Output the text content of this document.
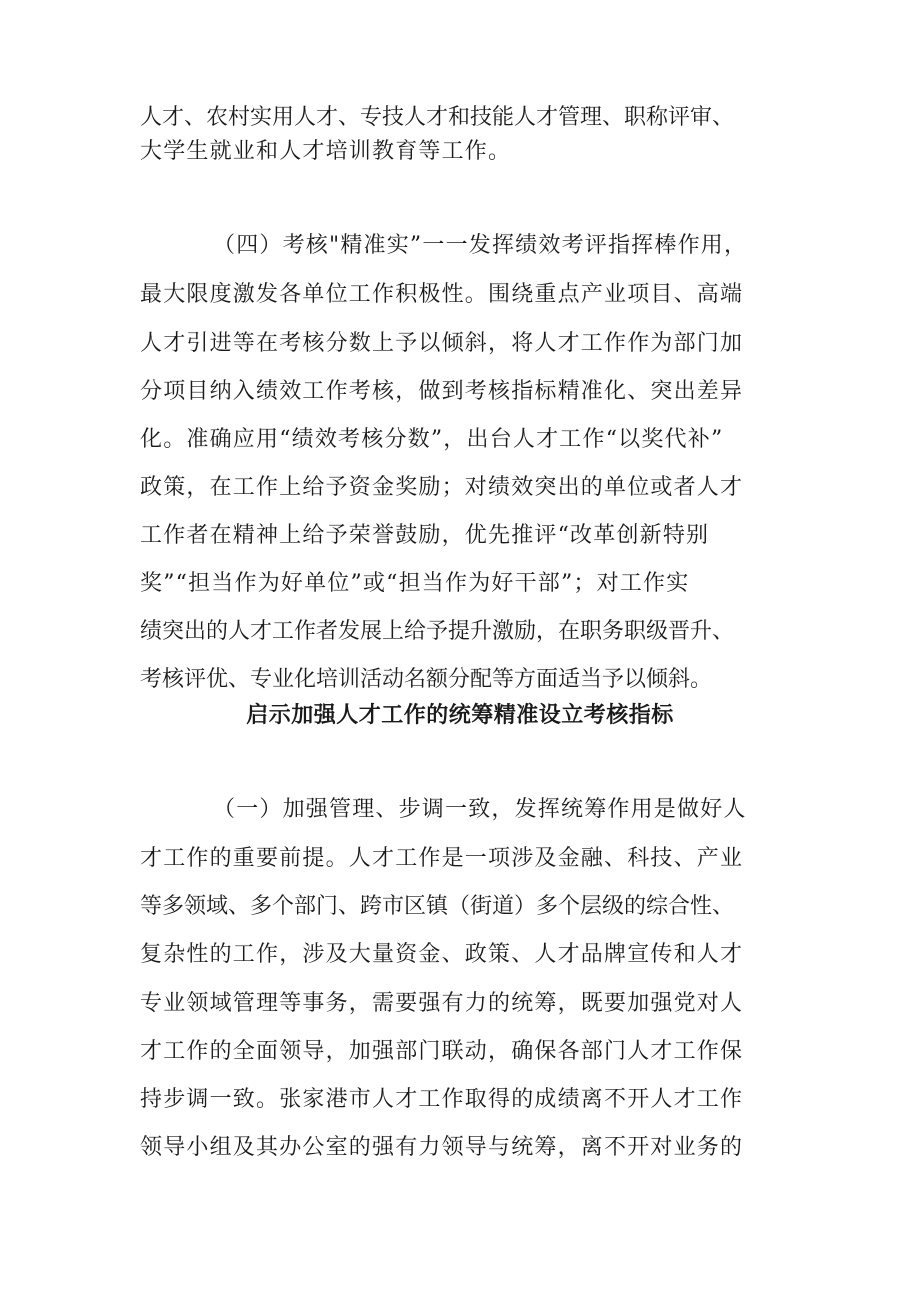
人才、农村实用人才、专技人才和技能人才管理、职称评审、
大学生就业和人才培训教育等工作。
（四）考核"精准实”一一发挥绩效考评指挥棒作用，
最大限度激发各单位工作积极性。围绕重点产业项目、高端
人才引进等在考核分数上予以倾斜，将人才工作作为部门加
分项目纳入绩效工作考核，做到考核指标精准化、突出差异
化。准确应用“绩效考核分数”，出台人才工作“以奖代补”
政策，在工作上给予资金奖励；对绩效突出的单位或者人才
工作者在精神上给予荣誉鼓励，优先推评“改革创新特别
奖”“担当作为好单位”或“担当作为好干部”；对工作实
绩突出的人才工作者发展上给予提升激励，在职务职级晋升、
考核评优、专业化培训活动名额分配等方面适当予以倾斜。
启示加强人才工作的统筹精准设立考核指标
（一）加强管理、步调一致，发挥统筹作用是做好人
才工作的重要前提。人才工作是一项涉及金融、科技、产业
等多领域、多个部门、跨市区镇（街道）多个层级的综合性、
复杂性的工作，涉及大量资金、政策、人才品牌宣传和人才
专业领域管理等事务，需要强有力的统筹，既要加强党对人
才工作的全面领导，加强部门联动，确保各部门人才工作保
持步调一致。张家港市人才工作取得的成绩离不开人才工作
领导小组及其办公室的强有力领导与统筹，离不开对业务的
